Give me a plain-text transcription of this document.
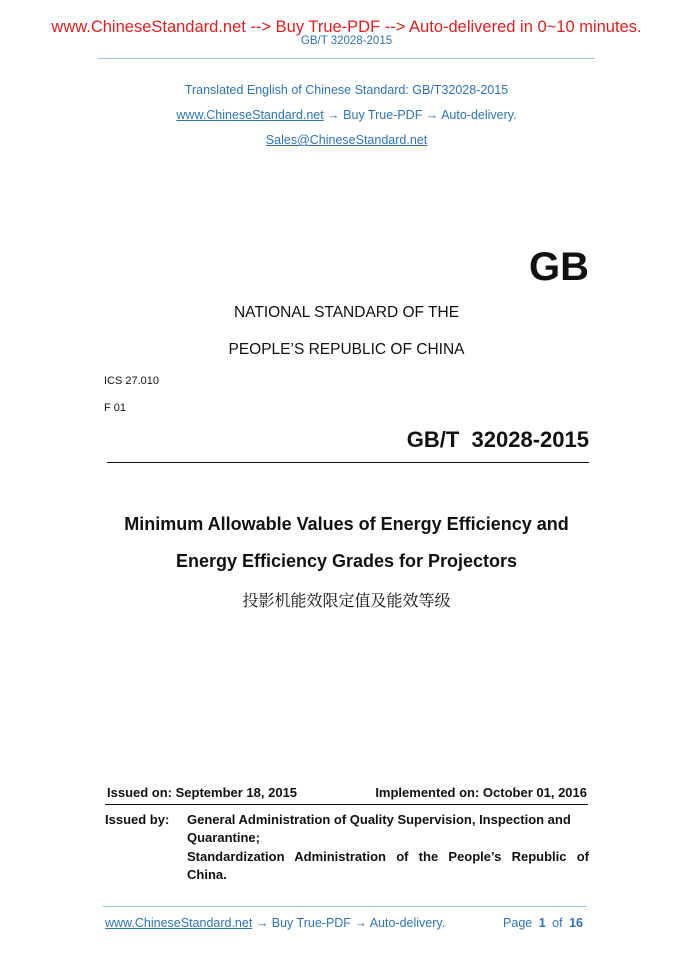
www.ChineseStandard.net --> Buy True-PDF --> Auto-delivered in 0~10 minutes.
GB/T 32028-2015
Translated English of Chinese Standard: GB/T32028-2015
www.ChineseStandard.net → Buy True-PDF → Auto-delivery.
Sales@ChineseStandard.net
GB
NATIONAL STANDARD OF THE
PEOPLE’S REPUBLIC OF CHINA
ICS 27.010
F 01
GB/T  32028-2015
Minimum Allowable Values of Energy Efficiency and
Energy Efficiency Grades for Projectors
投影机能效限定值及能效等级
Issued on: September 18, 2015	Implemented on: October 01, 2016
Issued by: General Administration of Quality Supervision, Inspection and
Quarantine;
Standardization Administration of the People’s Republic of
China.
www.ChineseStandard.net → Buy True-PDF → Auto-delivery.	Page 1 of 16
